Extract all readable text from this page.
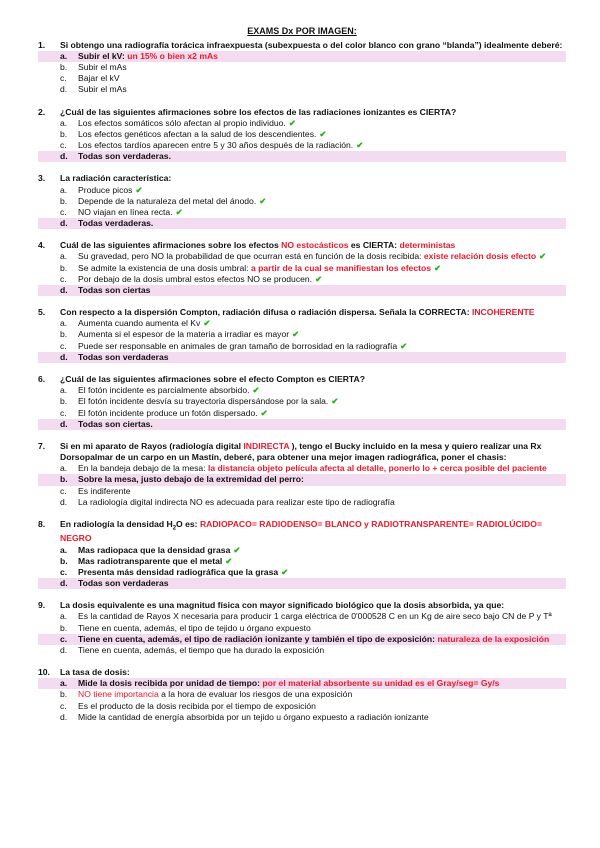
EXAMS Dx POR IMAGEN:
1.	Si obtengo una radiografía torácica infraexpuesta (subexpuesta o del color blanco con grano “blanda”) idealmente deberé:
a.	Subir el kV: un 15% o bien x2 mAs
b.	Subir el mAs
c.	Bajar el kV
d.	Subir el mAs
2.	¿Cuál de las siguientes afirmaciones sobre los efectos de las radiaciones ionizantes es CIERTA?
a.	Los efectos somáticos sólo afectan al propio individuo. ✔
b.	Los efectos genéticos afectan a la salud de los descendientes. ✔
c.	Los efectos tardíos aparecen entre 5 y 30 años después de la radiación. ✔
d.	Todas son verdaderas.
3.	La radiación característica:
a.	Produce picos ✔
b.	Depende de la naturaleza del metal del ánodo. ✔
c.	NO viajan en línea recta. ✔
d.	Todas verdaderas.
4.	Cuál de las siguientes afirmaciones sobre los efectos NO estocásticos es CIERTA: deterministas
a.	Su gravedad, pero NO la probabilidad de que ocurran está en función de la dosis recibida: existe relación dosis efecto ✔
b.	Se admite la existencia de una dosis umbral: a partir de la cual se manifiestan los efectos ✔
c.	Por debajo de la dosis umbral estos efectos NO se producen. ✔
d.	Todas son ciertas
5.	Con respecto a la dispersión Compton, radiación difusa o radiación dispersa. Señala la CORRECTA: INCOHERENTE
a.	Aumenta cuando aumenta el Kv ✔
b.	Aumenta si el espesor de la materia a irradiar es mayor ✔
c.	Puede ser responsable en animales de gran tamaño de borrosidad en la radiografía ✔
d.	Todas son verdaderas
6.	¿Cuál de las siguientes afirmaciones sobre el efecto Compton es CIERTA?
a.	El fotón incidente es parcialmente absorbido. ✔
b.	El fotón incidente desvía su trayectoria dispersándose por la sala. ✔
c.	El fotón incidente produce un fotón dispersado. ✔
d.	Todas son ciertas.
7.	Si en mi aparato de Rayos (radiología digital INDIRECTA ), tengo el Bucky incluido en la mesa y quiero realizar una Rx Dorsopalmar de un carpo en un Mastín, deberé, para obtener una mejor imagen radiográfica, poner el chasis:
a.	En la bandeja debajo de la mesa: la distancia objeto película afecta al detalle, ponerlo lo + cerca posible del paciente
b.	Sobre la mesa, justo debajo de la extremidad del perro:
c.	Es indiferente
d.	La radiología digital indirecta NO es adecuada para realizar este tipo de radiografía
8.	En radiología la densidad $H_2O$ es: RADIOPACO= RADIODENSO= BLANCO y RADIOTRANSPARENTE= RADIOLÚCIDO= NEGRO
a.	Mas radiopaca que la densidad grasa ✔
b.	Mas radiotransparente que el metal ✔
c.	Presenta más densidad radiográfica que la grasa ✔
d.	Todas son verdaderas
9.	La dosis equivalente es una magnitud física con mayor significado biológico que la dosis absorbida, ya que:
a.	Es la cantidad de Rayos X necesaria para producir 1 carga eléctrica de 0'000528 C en un Kg de aire seco bajo CN de P y Tª
b.	Tiene en cuenta, además, el tipo de tejido u órgano expuesto
c.	Tiene en cuenta, además, el tipo de radiación ionizante y también el tipo de exposición: naturaleza de la exposición
d.	Tiene en cuenta, además, el tiempo que ha durado la exposición
10.	La tasa de dosis:
a.	Mide la dosis recibida por unidad de tiempo: por el material absorbente su unidad es el Gray/seg= Gy/s
b.	NO tiene importancia a la hora de evaluar los riesgos de una exposición
c.	Es el producto de la dosis recibida por el tiempo de exposición
d.	Mide la cantidad de energía absorbida por un tejido u órgano expuesto a radiación ionizante
